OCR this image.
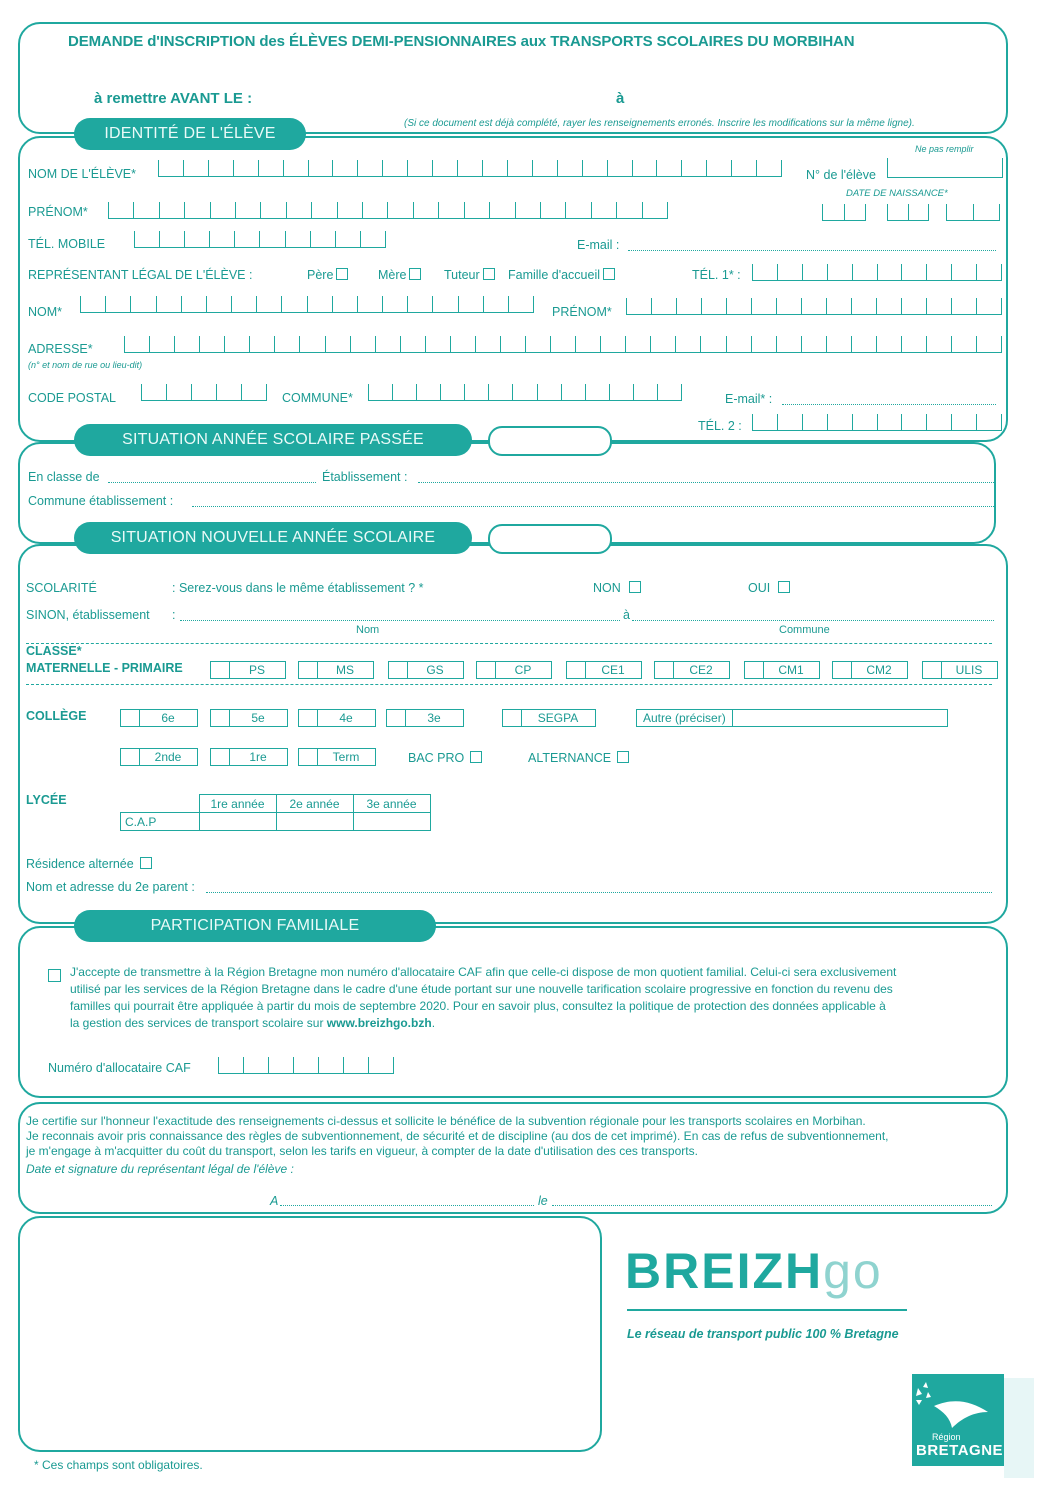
DEMANDE d'INSCRIPTION des ÉLÈVES DEMI-PENSIONNAIRES aux TRANSPORTS SCOLAIRES DU MORBIHAN
à remettre AVANT LE :	à
(Si ce document est déjà complété, rayer les renseignements erronés. Inscrire les modifications sur la même ligne).
IDENTITÉ DE L'ÉLÈVE
Ne pas remplir
NOM DE L'ÉLÈVE*	N° de l'élève
DATE DE NAISSANCE*
PRÉNOM*
TÉL. MOBILE	E-mail :
REPRÉSENTANT LÉGAL DE L'ÉLÈVE :	Père	Mère	Tuteur	Famille d'accueil	TÉL. 1* :
NOM*	PRÉNOM*
ADRESSE*
(n° et nom de rue ou lieu-dit)
CODE POSTAL	COMMUNE*	E-mail* :
TÉL. 2 :
SITUATION ANNÉE SCOLAIRE PASSÉE
En classe de	Établissement :
Commune établissement :
SITUATION NOUVELLE ANNÉE SCOLAIRE
SCOLARITÉ	: Serez-vous dans le même établissement ? *	NON	OUI
SINON, établissement :	à
Nom	Commune
CLASSE*
MATERNELLE - PRIMAIRE	PS	MS	GS	CP	CE1	CE2	CM1	CM2	ULIS
COLLÈGE	6e	5e	4e	3e	SEGPA	Autre (préciser)
2nde	1re	Term	BAC PRO	ALTERNANCE
LYCÉE
		1re année	2e année	3e année
C.A.P			
Résidence alternée
Nom et adresse du 2e parent :
PARTICIPATION FAMILIALE
J'accepte de transmettre à la Région Bretagne mon numéro d'allocataire CAF afin que celle-ci dispose de mon quotient familial. Celui-ci sera exclusivement
utilisé par les services de la Région Bretagne dans le cadre d'une étude portant sur une nouvelle tarification scolaire progressive en fonction du revenu des
familles qui pourrait être appliquée à partir du mois de septembre 2020. Pour en savoir plus, consultez la politique de protection des données applicable à
la gestion des services de transport scolaire sur www.breizhgo.bzh.
Numéro d'allocataire CAF
Je certifie sur l'honneur l'exactitude des renseignements ci-dessus et sollicite le bénéfice de la subvention régionale pour les transports scolaires en Morbihan.
Je reconnais avoir pris connaissance des règles de subventionnement, de sécurité et de discipline (au dos de cet imprimé). En cas de refus de subventionnement,
je m'engage à m'acquitter du coût du transport, selon les tarifs en vigueur, à compter de la date d'utilisation des ces transports.
Date et signature du représentant légal de l'élève :
A	le
BREIZHgo
Le réseau de transport public 100 % Bretagne
Région
BRETAGNE
* Ces champs sont obligatoires.
